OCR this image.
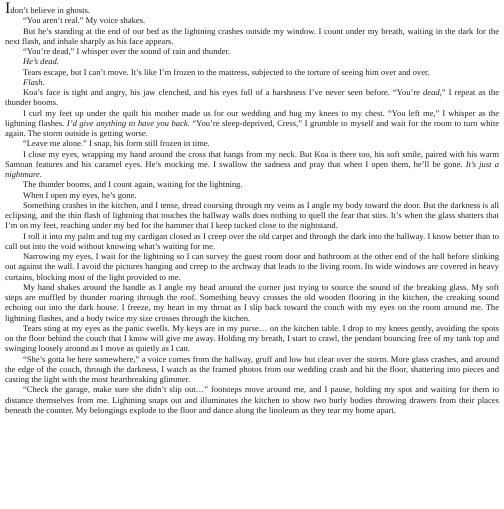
Idon’t believe in ghosts.

“You aren’t real.” My voice shakes.

But he’s standing at the end of our bed as the lightning crashes outside my window. I count under my breath, waiting in the dark for the next flash, and inhale sharply as his face appears.

“You’re dead,” I whisper over the sound of rain and thunder.

He’s dead.

Tears escape, but I can’t move. It’s like I’m frozen to the mattress, subjected to the torture of seeing him over and over.

Flash.

Koa’s face is tight and angry, his jaw clenched, and his eyes full of a harshness I’ve never seen before. “You’re dead,” I repeat as the thunder booms.

I curl my feet up under the quilt his mother made us for our wedding and hug my knees to my chest. “You left me,” I whisper as the lightning flashes. I’d give anything to have you back. “You’re sleep-deprived, Cress,” I grumble to myself and wait for the room to turn white again. The storm outside is getting worse.

“Leave me alone.” I snap, his form still frozen in time.

I close my eyes, wrapping my hand around the cross that hangs from my neck. But Koa is there too, his soft smile, paired with his warm Samoan features and his caramel eyes. He’s mocking me. I swallow the sadness and pray that when I open them, he’ll be gone. It’s just a nightmare.

The thunder booms, and I count again, waiting for the lightning.

When I open my eyes, he’s gone.

Something crashes in the kitchen, and I tense, dread coursing through my veins as I angle my body toward the door. But the darkness is all eclipsing, and the thin flash of lightning that touches the hallway walls does nothing to quell the fear that stirs. It’s when the glass shatters that I’m on my feet, reaching under my bed for the hammer that I keep tucked close to the nightstand.

I roll it into my palm and tug my cardigan closed as I creep over the old carpet and through the dark into the hallway. I know better than to call out into the void without knowing what’s waiting for me.

Narrowing my eyes, I wait for the lightning so I can survey the guest room door and bathroom at the other end of the hall before slinking out against the wall. I avoid the pictures hanging and creep to the archway that leads to the living room. Its wide windows are covered in heavy curtains, blocking most of the light provided to me.

My hand shakes around the handle as I angle my head around the corner just trying to source the sound of the breaking glass. My soft steps are muffled by thunder roaring through the roof. Something heavy crosses the old wooden flooring in the kitchen, the creaking sound echoing out into the dark house. I freeze, my heart in my throat as I slip back toward the couch with my eyes on the room around me. The lightning flashes, and a body twice my size crosses through the kitchen.

Tears sting at my eyes as the panic swells. My keys are in my purse… on the kitchen table. I drop to my knees gently, avoiding the spots on the floor behind the couch that I know will give me away. Holding my breath, I start to crawl, the pendant bouncing free of my tank top and swinging loosely around as I move as quietly as I can.

“She’s gotta be here somewhere,” a voice comes from the hallway, gruff and low but clear over the storm. More glass crashes, and around the edge of the couch, through the darkness, I watch as the framed photos from our wedding crash and hit the floor, shattering into pieces and casting the light with the most heartbreaking glimmer.

“Check the garage, make sure she didn’t slip out…” footsteps move around me, and I pause, holding my spot and waiting for them to distance themselves from me. Lightning snaps out and illuminates the kitchen to show two burly bodies throwing drawers from their places beneath the counter. My belongings explode to the floor and dance along the linoleum as they tear my home apart.
